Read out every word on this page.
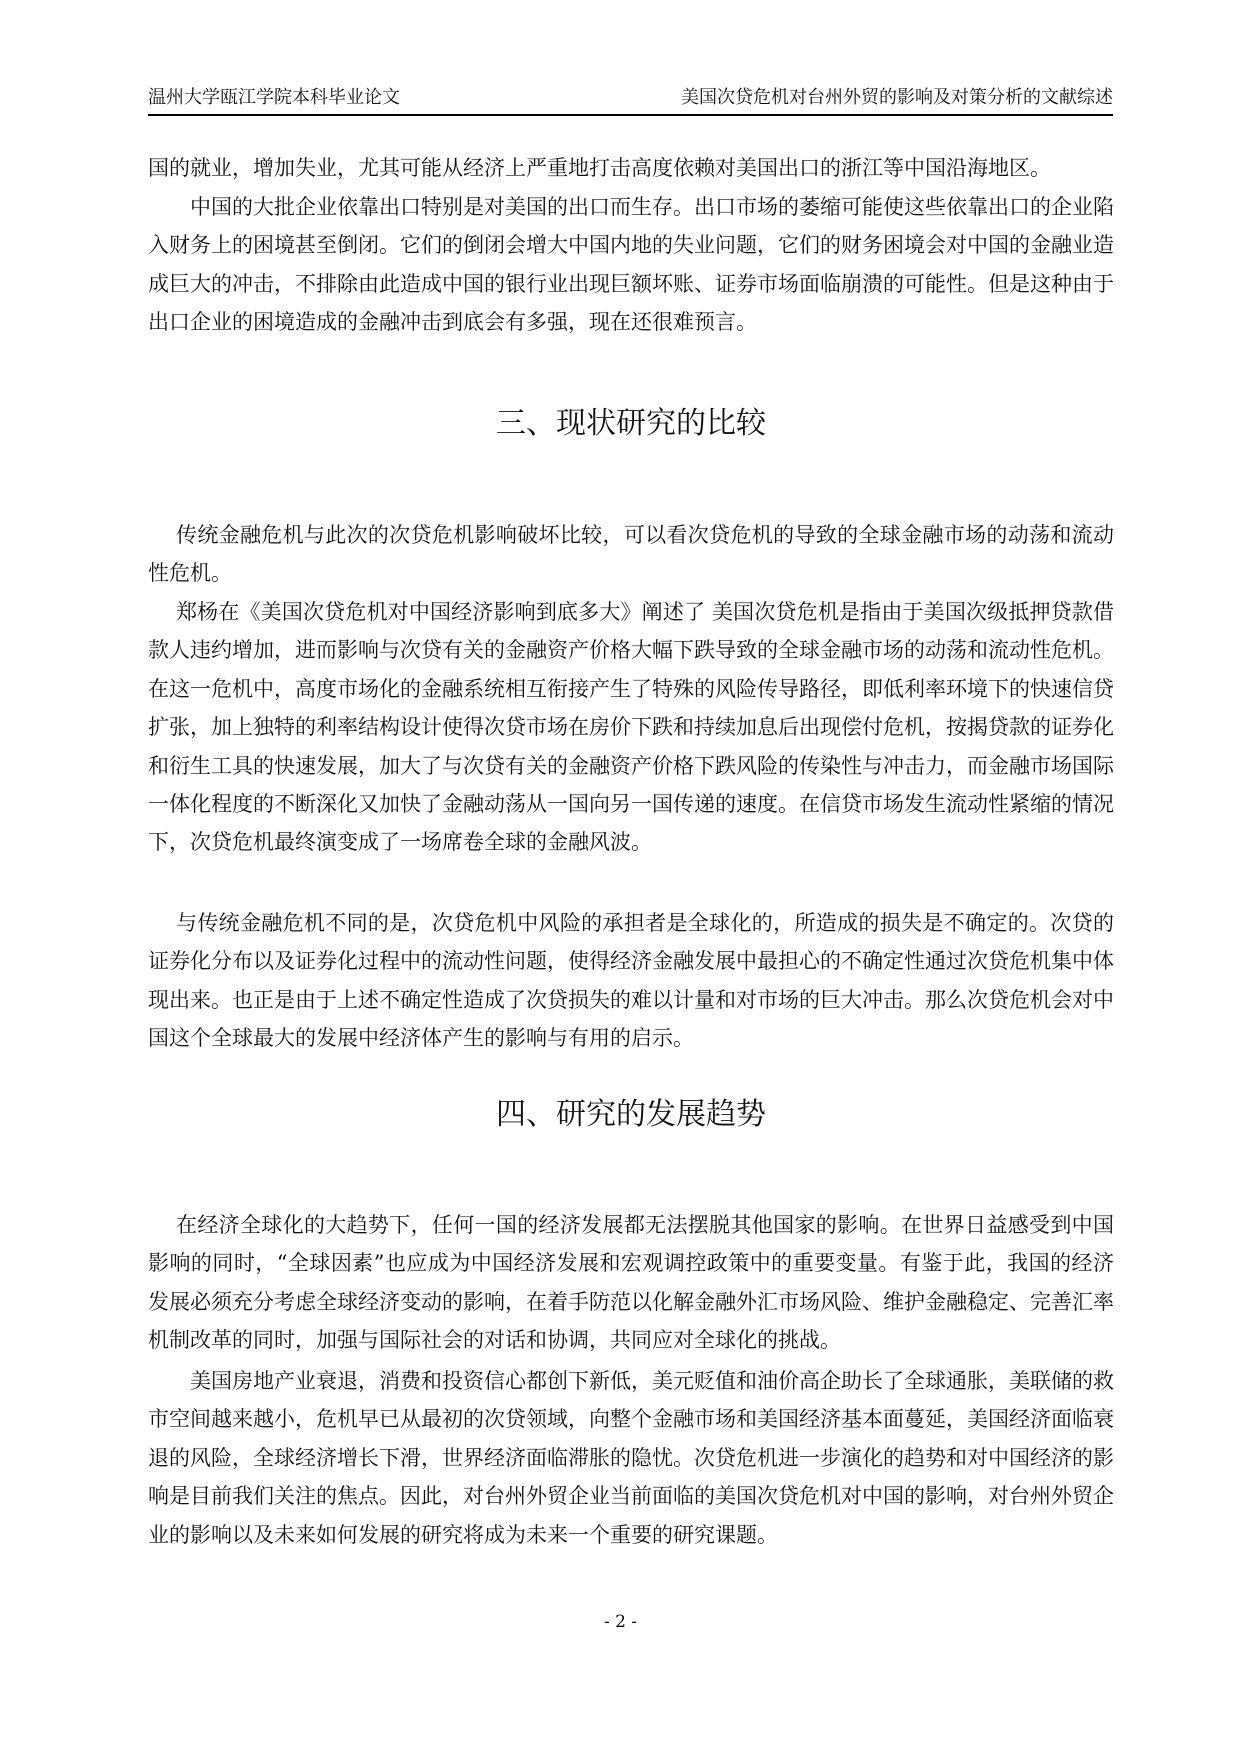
温州大学瓯江学院本科毕业论文	美国次贷危机对台州外贸的影响及对策分析的文献综述

国的就业，增加失业，尤其可能从经济上严重地打击高度依赖对美国出口的浙江等中国沿海地区。

中国的大批企业依靠出口特别是对美国的出口而生存。出口市场的萎缩可能使这些依靠出口的企业陷入财务上的困境甚至倒闭。它们的倒闭会增大中国内地的失业问题，它们的财务困境会对中国的金融业造成巨大的冲击，不排除由此造成中国的银行业出现巨额坏账、证券市场面临崩溃的可能性。但是这种由于出口企业的困境造成的金融冲击到底会有多强，现在还很难预言。

三、现状研究的比较

传统金融危机与此次的次贷危机影响破坏比较，可以看次贷危机的导致的全球金融市场的动荡和流动性危机。

郑杨在《美国次贷危机对中国经济影响到底多大》阐述了 美国次贷危机是指由于美国次级抵押贷款借款人违约增加，进而影响与次贷有关的金融资产价格大幅下跌导致的全球金融市场的动荡和流动性危机。在这一危机中，高度市场化的金融系统相互衔接产生了特殊的风险传导路径，即低利率环境下的快速信贷扩张，加上独特的利率结构设计使得次贷市场在房价下跌和持续加息后出现偿付危机，按揭贷款的证券化和衍生工具的快速发展，加大了与次贷有关的金融资产价格下跌风险的传染性与冲击力，而金融市场国际一体化程度的不断深化又加快了金融动荡从一国向另一国传递的速度。在信贷市场发生流动性紧缩的情况下，次贷危机最终演变成了一场席卷全球的金融风波。

与传统金融危机不同的是，次贷危机中风险的承担者是全球化的，所造成的损失是不确定的。次贷的证券化分布以及证券化过程中的流动性问题，使得经济金融发展中最担心的不确定性通过次贷危机集中体现出来。也正是由于上述不确定性造成了次贷损失的难以计量和对市场的巨大冲击。那么次贷危机会对中国这个全球最大的发展中经济体产生的影响与有用的启示。

四、研究的发展趋势

在经济全球化的大趋势下，任何一国的经济发展都无法摆脱其他国家的影响。在世界日益感受到中国影响的同时，“全球因素”也应成为中国经济发展和宏观调控政策中的重要变量。有鉴于此，我国的经济发展必须充分考虑全球经济变动的影响，在着手防范以化解金融外汇市场风险、维护金融稳定、完善汇率机制改革的同时，加强与国际社会的对话和协调，共同应对全球化的挑战。

美国房地产业衰退，消费和投资信心都创下新低，美元贬值和油价高企助长了全球通胀，美联储的救市空间越来越小，危机早已从最初的次贷领域，向整个金融市场和美国经济基本面蔓延，美国经济面临衰退的风险，全球经济增长下滑，世界经济面临滞胀的隐忧。次贷危机进一步演化的趋势和对中国经济的影响是目前我们关注的焦点。因此，对台州外贸企业当前面临的美国次贷危机对中国的影响，对台州外贸企业的影响以及未来如何发展的研究将成为未来一个重要的研究课题。

- 2 -
